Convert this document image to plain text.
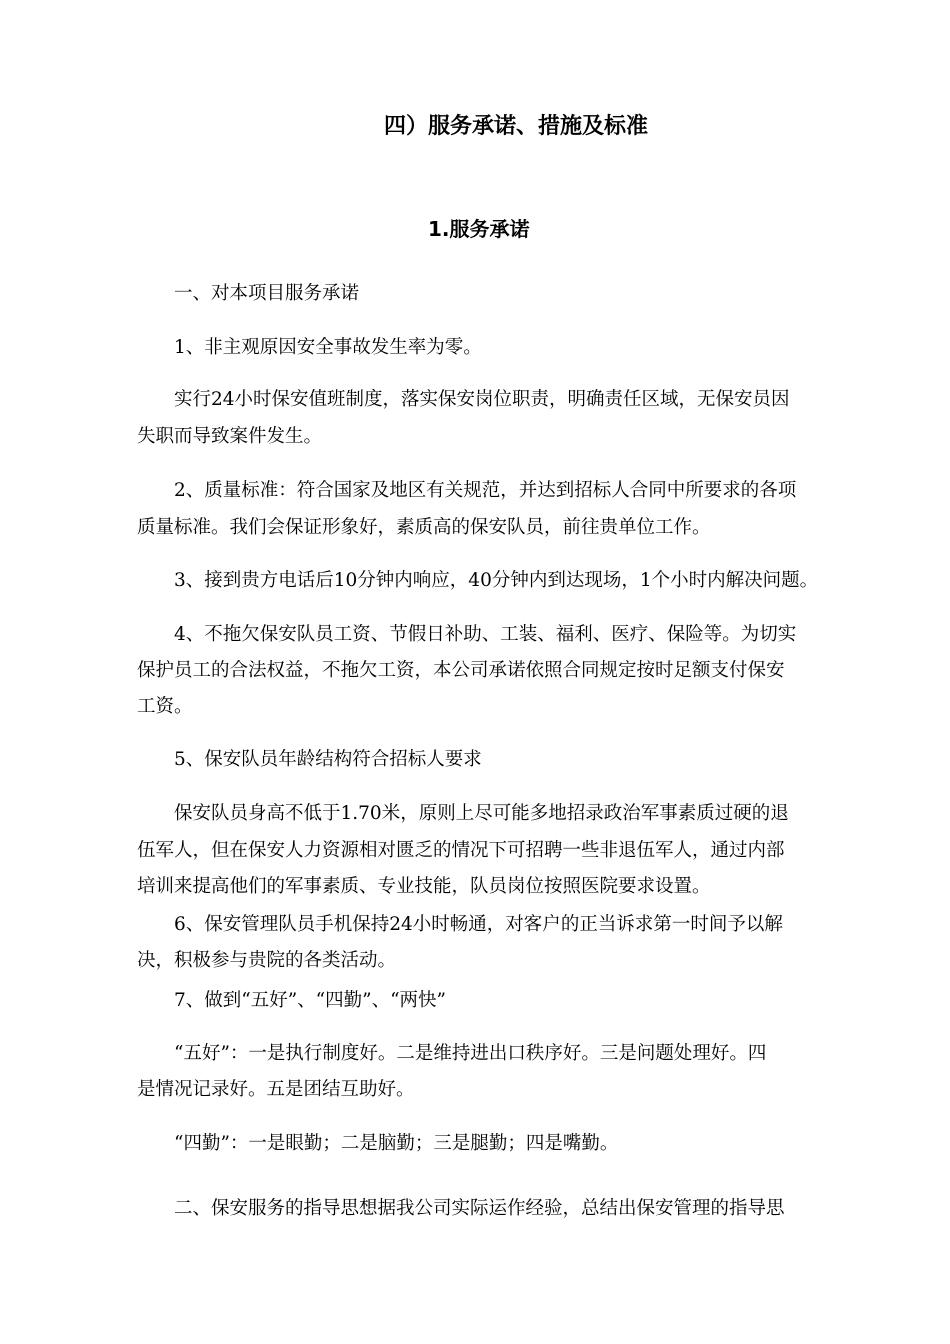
四）服务承诺、措施及标准
1.服务承诺

一、对本项目服务承诺

1、非主观原因安全事故发生率为零。

实行24小时保安值班制度，落实保安岗位职责，明确责任区域，无保安员因

失职而导致案件发生。

2、质量标准：符合国家及地区有关规范，并达到招标人合同中所要求的各项

质量标准。我们会保证形象好，素质高的保安队员，前往贵单位工作。

3、接到贵方电话后10分钟内响应，40分钟内到达现场，1个小时内解决问题。

4、不拖欠保安队员工资、节假日补助、工装、福利、医疗、保险等。为切实

保护员工的合法权益，不拖欠工资，本公司承诺依照合同规定按时足额支付保安

工资。

5、保安队员年龄结构符合招标人要求

保安队员身高不低于1.70米，原则上尽可能多地招录政治军事素质过硬的退

伍军人，但在保安人力资源相对匮乏的情况下可招聘一些非退伍军人，通过内部

培训来提高他们的军事素质、专业技能，队员岗位按照医院要求设置。

6、保安管理队员手机保持24小时畅通，对客户的正当诉求第一时间予以解

决，积极参与贵院的各类活动。

7、做到“五好”、“四勤”、“两快”

“五好”：一是执行制度好。二是维持进出口秩序好。三是问题处理好。四

是情况记录好。五是团结互助好。

“四勤”：一是眼勤；二是脑勤；三是腿勤；四是嘴勤。

二、保安服务的指导思想据我公司实际运作经验，总结出保安管理的指导思
